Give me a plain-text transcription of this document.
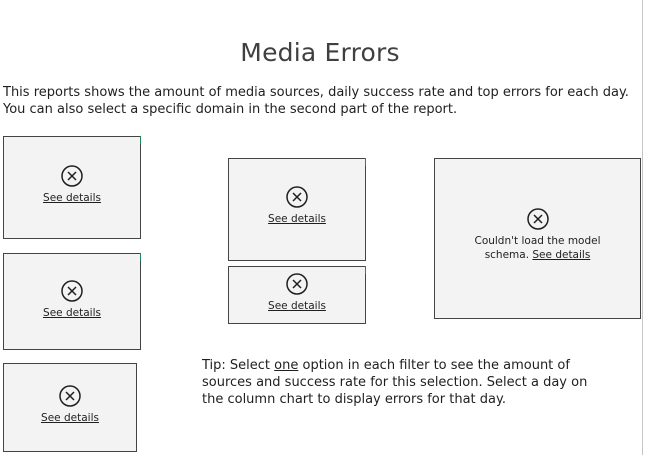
Media Errors
This reports shows the amount of media sources, daily success rate and top errors for each day. You can also select a specific domain in the second part of the report.
See details
See details
See details
See details
See details
Couldn't load the model schema. See details
Tip: Select one option in each filter to see the amount of sources and success rate for this selection. Select a day on the column chart to display errors for that day.
